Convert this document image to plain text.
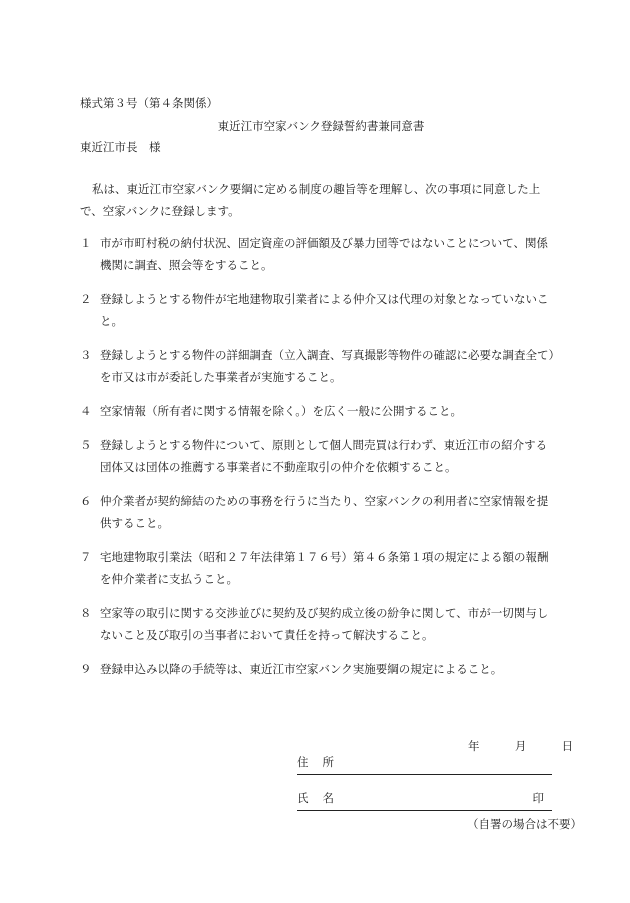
様式第３号（第４条関係）
東近江市空家バンク登録誓約書兼同意書
東近江市長　様
私は、東近江市空家バンク要綱に定める制度の趣旨等を理解し、次の事項に同意した上で、空家バンクに登録します。
１ 市が市町村税の納付状況、固定資産の評価額及び暴力団等ではないことについて、関係機関に調査、照会等をすること。
２ 登録しようとする物件が宅地建物取引業者による仲介又は代理の対象となっていないこと。
３ 登録しようとする物件の詳細調査（立入調査、写真撮影等物件の確認に必要な調査全て）を市又は市が委託した事業者が実施すること。
４ 空家情報（所有者に関する情報を除く。）を広く一般に公開すること。
５ 登録しようとする物件について、原則として個人間売買は行わず、東近江市の紹介する団体又は団体の推薦する事業者に不動産取引の仲介を依頼すること。
６ 仲介業者が契約締結のための事務を行うに当たり、空家バンクの利用者に空家情報を提供すること。
７ 宅地建物取引業法（昭和２７年法律第１７６号）第４６条第１項の規定による額の報酬を仲介業者に支払うこと。
８ 空家等の取引に関する交渉並びに契約及び契約成立後の紛争に関して、市が一切関与しないこと及び取引の当事者において責任を持って解決すること。
９ 登録申込み以降の手続等は、東近江市空家バンク実施要綱の規定によること。
年	月	日
住所
氏名	印
（自署の場合は不要）
